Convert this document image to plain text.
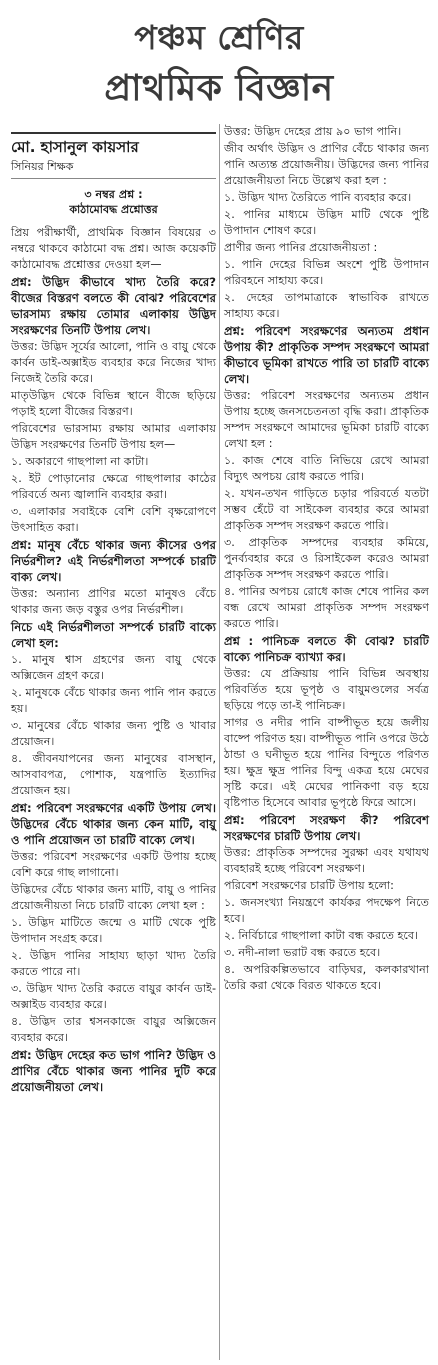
পঞ্চম শ্রেণির
প্রাথমিক বিজ্ঞান
মো. হাসানুল কায়সার
সিনিয়র শিক্ষক
৩ নম্বর প্রশ্ন :
কাঠামোবদ্ধ প্রশ্নোত্তর

প্রিয় পরীক্ষার্থী, প্রাথমিক বিজ্ঞান বিষয়ের ৩ নম্বরে থাকবে কাঠামো বদ্ধ প্রশ্ন। আজ কয়েকটি কাঠামোবদ্ধ প্রশ্নোত্তর দেওয়া হল—

প্রশ্ন: উদ্ভিদ কীভাবে খাদ্য তৈরি করে? বীজের বিস্তরণ বলতে কী বোঝ? পরিবেশের ভারসাম্য রক্ষায় তোমার এলাকায় উদ্ভিদ সংরক্ষণের তিনটি উপায় লেখ।

উত্তর: উদ্ভিদ সূর্যের আলো, পানি ও বায়ু থেকে কার্বন ডাই-অক্সাইড ব্যবহার করে নিজের খাদ্য নিজেই তৈরি করে।

মাতৃউদ্ভিদ থেকে বিভিন্ন স্থানে বীজে ছড়িয়ে পড়াই হলো বীজের বিস্তরণ।

পরিবেশের ভারসাম্য রক্ষায় আমার এলাকায় উদ্ভিদ সংরক্ষণের তিনটি উপায় হল—

১. অকারণে গাছপালা না কাটা।

২. ইট পোড়ানোর ক্ষেত্রে গাছপালার কাঠের পরিবর্তে অন্য জ্বালানি ব্যবহার করা।

৩. এলাকার সবাইকে বেশি বেশি বৃক্ষরোপণে উৎসাহিত করা।

প্রশ্ন: মানুষ বেঁচে থাকার জন্য কীসের ওপর নির্ভরশীল? এই নির্ভরশীলতা সম্পর্কে চারটি বাক্য লেখ।

উত্তর: অন্যান্য প্রাণির মতো মানুষও বেঁচে থাকার জন্য জড় বস্তুর ওপর নির্ভরশীল।

নিচে এই নির্ভরশীলতা সম্পর্কে চারটি বাক্যে লেখা হল:

১. মানুষ শ্বাস গ্রহণের জন্য বায়ু থেকে অক্সিজেন গ্রহণ করে।

২. মানুষকে বেঁচে থাকার জন্য পানি পান করতে হয়।

৩. মানুষের বেঁচে থাকার জন্য পুষ্টি ও খাবার প্রয়োজন।

৪. জীবনযাপনের জন্য মানুষের বাসস্থান, আসবাবপত্র, পোশাক, যন্ত্রপাতি ইত্যাদির প্রয়োজন হয়।

প্রশ্ন: পরিবেশ সংরক্ষণের একটি উপায় লেখ। উদ্ভিদের বেঁচে থাকার জন্য কেন মাটি, বায়ু ও পানি প্রয়োজন তা চারটি বাক্যে লেখ।

উত্তর: পরিবেশ সংরক্ষণের একটি উপায় হচ্ছে বেশি করে গাছ লাগানো।

উদ্ভিদের বেঁচে থাকার জন্য মাটি, বায়ু ও পানির প্রয়োজনীয়তা নিচে চারটি বাক্যে লেখা হল :

১. উদ্ভিদ মাটিতে জন্মে ও মাটি থেকে পুষ্টি উপাদান সংগ্রহ করে।

২. উদ্ভিদ পানির সাহায্য ছাড়া খাদ্য তৈরি করতে পারে না।

৩. উদ্ভিদ খাদ্য তৈরি করতে বায়ুর কার্বন ডাই-অক্সাইড ব্যবহার করে।

৪. উদ্ভিদ তার শ্বসনকাজে বায়ুর অক্সিজেন ব্যবহার করে।

প্রশ্ন: উদ্ভিদ দেহের কত ভাগ পানি? উদ্ভিদ ও প্রাণির বেঁচে থাকার জন্য পানির দুটি করে প্রয়োজনীয়তা লেখ।

উত্তর: উদ্ভিদ দেহের প্রায় ৯০ ভাগ পানি।

জীব অর্থাৎ উদ্ভিদ ও প্রাণির বেঁচে থাকার জন্য পানি অত্যন্ত প্রয়োজনীয়। উদ্ভিদের জন্য পানির প্রয়োজনীয়তা নিচে উল্লেখ করা হল :

১. উদ্ভিদ খাদ্য তৈরিতে পানি ব্যবহার করে।

২. পানির মাধ্যমে উদ্ভিদ মাটি থেকে পুষ্টি উপাদান শোষণ করে।

প্রাণীর জন্য পানির প্রয়োজনীয়তা :

১. পানি দেহের বিভিন্ন অংশে পুষ্টি উপাদান পরিবহনে সাহায্য করে।

২. দেহের তাপমাত্রাকে স্বাভাবিক রাখতে সাহায্য করে।

প্রশ্ন: পরিবেশ সংরক্ষণের অন্যতম প্রধান উপায় কী? প্রাকৃতিক সম্পদ সংরক্ষণে আমরা কীভাবে ভূমিকা রাখতে পারি তা চারটি বাক্যে লেখ।

উত্তর: পরিবেশ সংরক্ষণের অন্যতম প্রধান উপায় হচ্ছে জনসচেতনতা বৃদ্ধি করা। প্রাকৃতিক সম্পদ সংরক্ষণে আমাদের ভূমিকা চারটি বাক্যে লেখা হল :

১. কাজ শেষে বাতি নিভিয়ে রেখে আমরা বিদ্যুৎ অপচয় রোধ করতে পারি।

২. যখন-তখন গাড়িতে চড়ার পরিবর্তে যতটা সম্ভব হেঁটে বা সাইকেল ব্যবহার করে আমরা প্রাকৃতিক সম্পদ সংরক্ষণ করতে পারি।

৩. প্রাকৃতিক সম্পদের ব্যবহার কমিয়ে, পুনর্ব্যবহার করে ও রিসাইকেল করেও আমরা প্রাকৃতিক সম্পদ সংরক্ষণ করতে পারি।

৪. পানির অপচয় রোধে কাজ শেষে পানির কল বন্ধ রেখে আমরা প্রাকৃতিক সম্পদ সংরক্ষণ করতে পারি।

প্রশ্ন : পানিচক্র বলতে কী বোঝ? চারটি বাক্যে পানিচক্র ব্যাখ্যা কর।

উত্তর: যে প্রক্রিয়ায় পানি বিভিন্ন অবস্থায় পরিবর্তিত হয়ে ভূপৃষ্ঠ ও বায়ুমণ্ডলের সর্বত্র ছড়িয়ে পড়ে তা-ই পানিচক্র।

সাগর ও নদীর পানি বাষ্পীভূত হয়ে জলীয় বাষ্পে পরিণত হয়। বাষ্পীভূত পানি ওপরে উঠে ঠান্ডা ও ঘনীভূত হয়ে পানির বিন্দুতে পরিণত হয়। ক্ষুদ্র ক্ষুদ্র পানির বিন্দু একত্র হয়ে মেঘের সৃষ্টি করে। এই মেঘের পানিকণা বড় হয়ে বৃষ্টিপাত হিসেবে আবার ভূপৃষ্ঠে ফিরে আসে।

প্রশ্ন: পরিবেশ সংরক্ষণ কী? পরিবেশ সংরক্ষণের চারটি উপায় লেখ।

উত্তর: প্রাকৃতিক সম্পদের সুরক্ষা এবং যথাযথ ব্যবহারই হচ্ছে পরিবেশ সংরক্ষণ।

পরিবেশ সংরক্ষণের চারটি উপায় হলো:

১. জনসংখ্যা নিয়ন্ত্রণে কার্যকর পদক্ষেপ নিতে হবে।

২. নির্বিচারে গাছপালা কাটা বন্ধ করতে হবে।

৩. নদী-নালা ভরাট বন্ধ করতে হবে।

৪. অপরিকল্পিতভাবে বাড়িঘর, কলকারখানা তৈরি করা থেকে বিরত থাকতে হবে।
